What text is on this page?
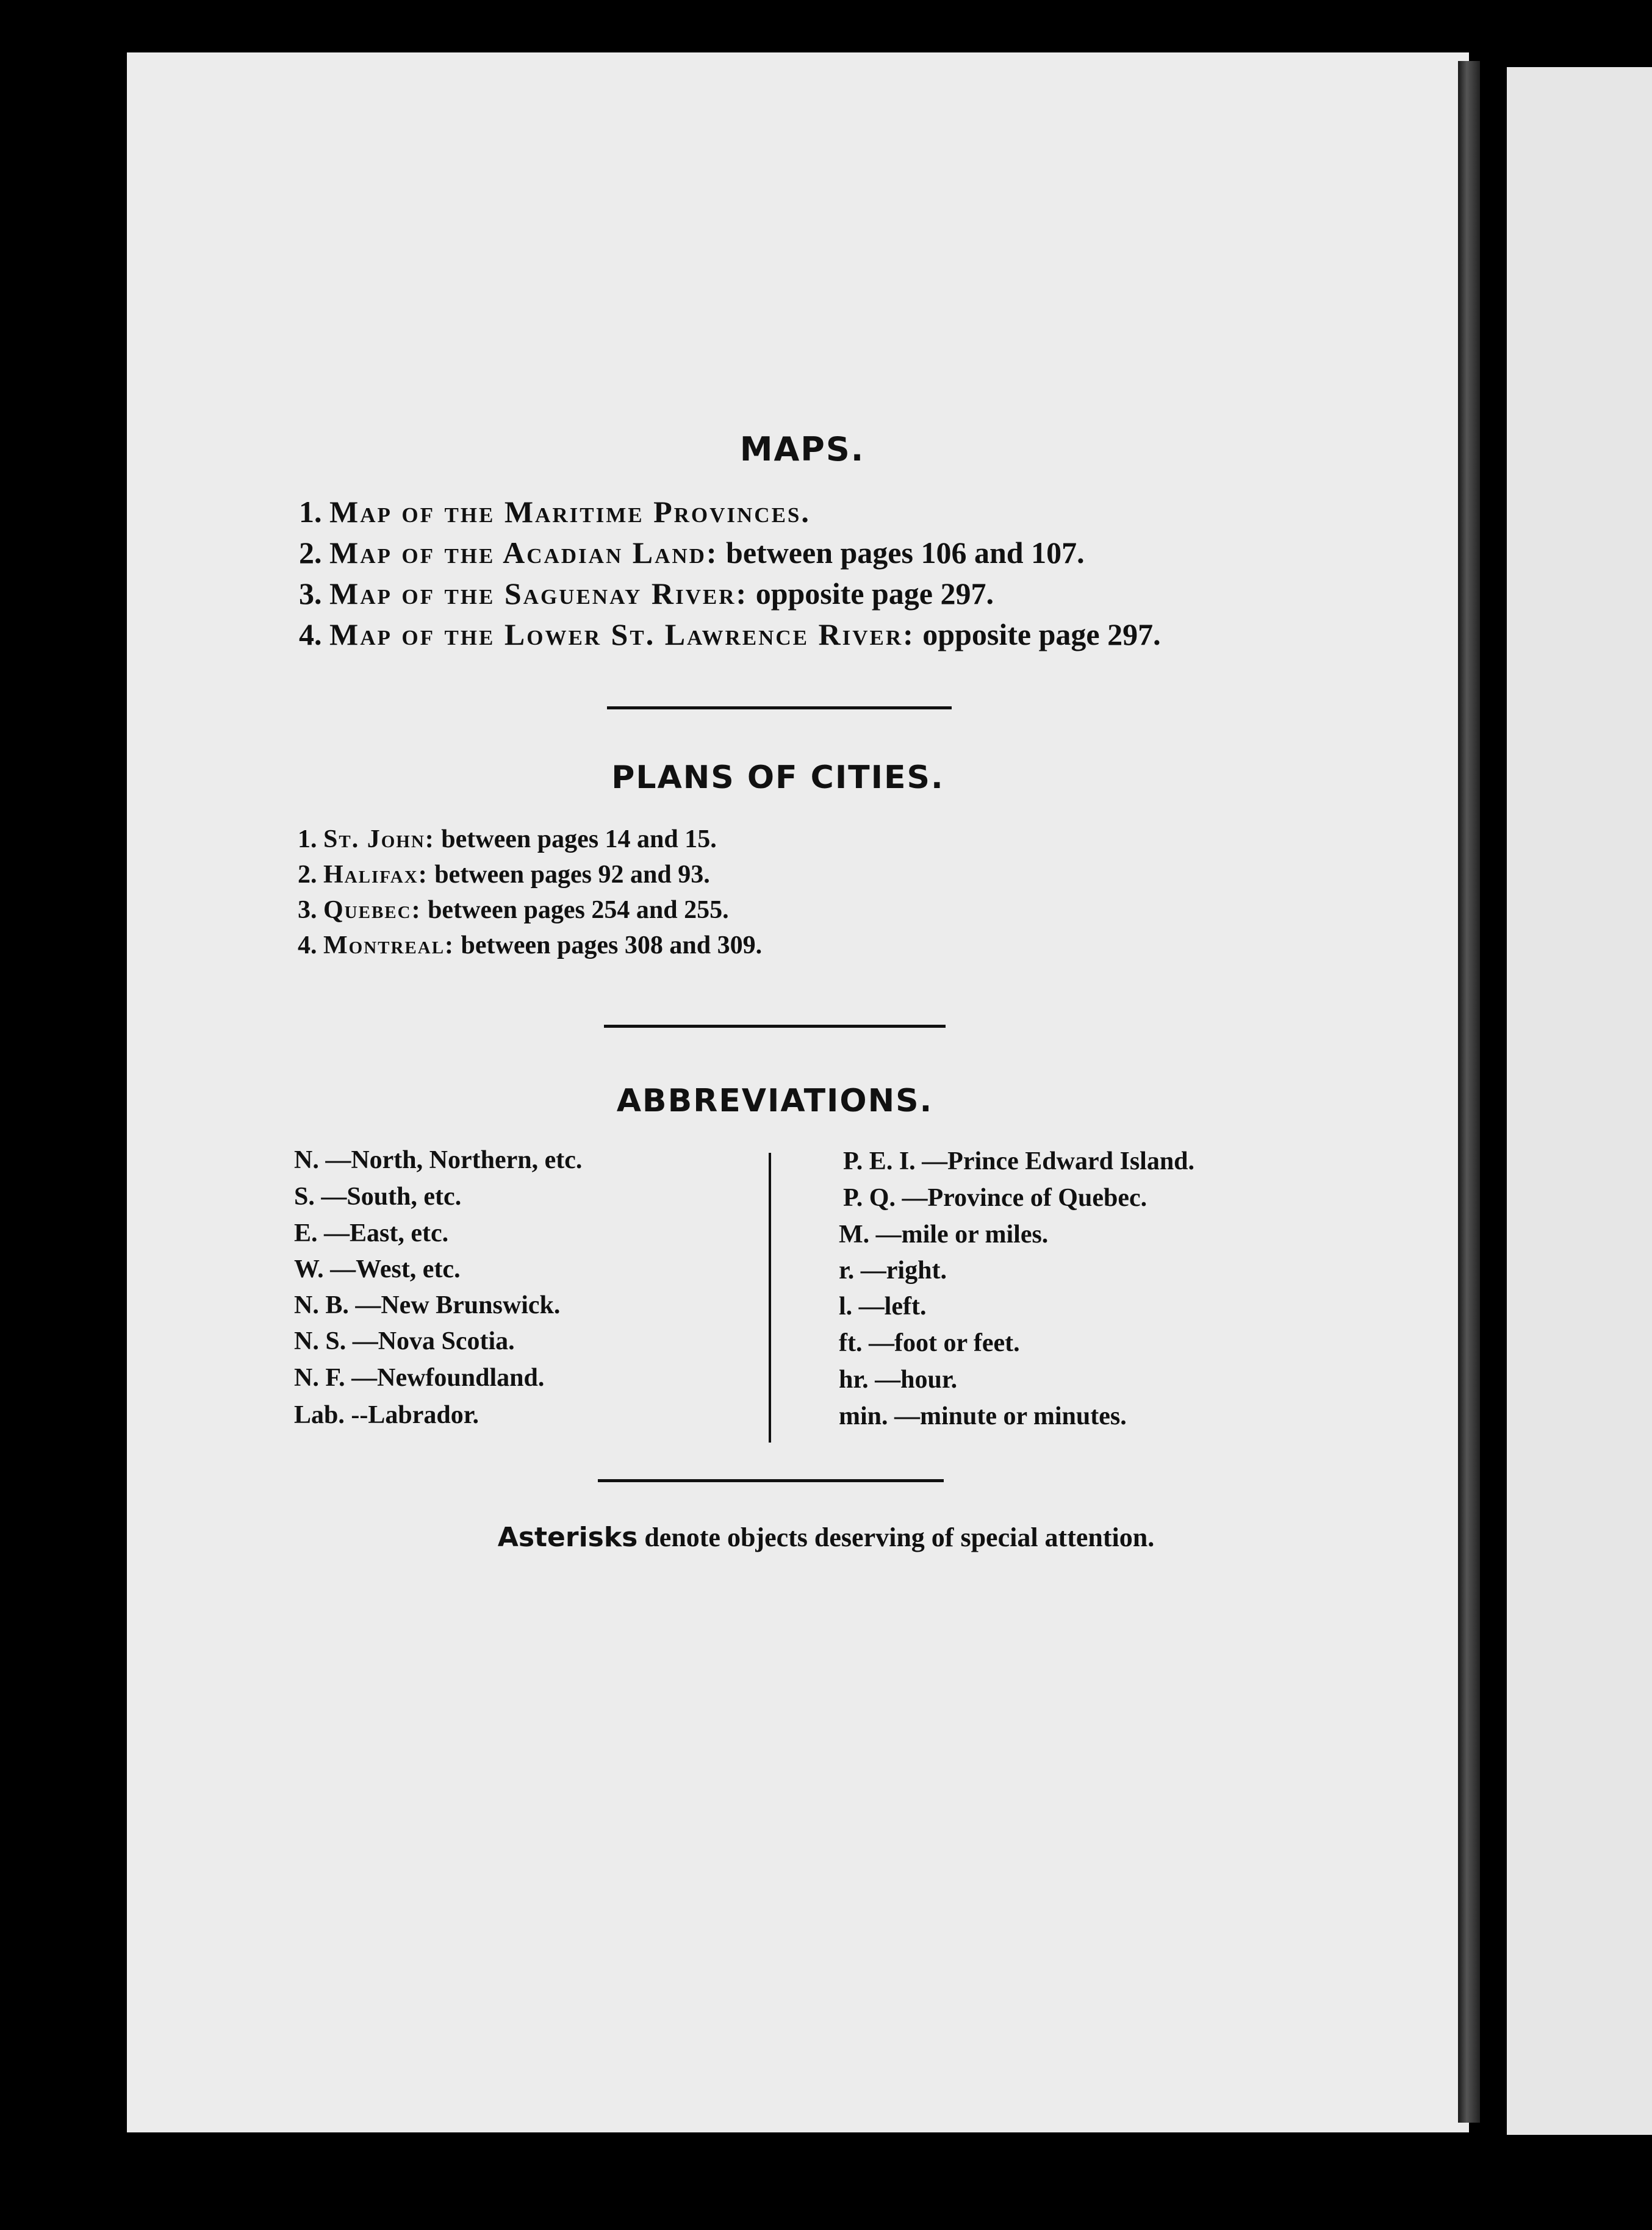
MAPS.
1. Map of the Maritime Provinces.
2. Map of the Acadian Land: between pages 106 and 107.
3. Map of the Saguenay River: opposite page 297.
4. Map of the Lower St. Lawrence River: opposite page 297.
PLANS OF CITIES.
1. St. John: between pages 14 and 15.
2. Halifax: between pages 92 and 93.
3. Quebec: between pages 254 and 255.
4. Montreal: between pages 308 and 309.
ABBREVIATIONS.
N. —North, Northern, etc.
S. —South, etc.
E. —East, etc.
W. —West, etc.
N. B. —New Brunswick.
N. S. —Nova Scotia.
N. F. —Newfoundland.
Lab. --Labrador.
P. E. I. —Prince Edward Island.
P. Q. —Province of Quebec.
M. —mile or miles.
r. —right.
l. —left.
ft. —foot or feet.
hr. —hour.
min. —minute or minutes.
Asterisks denote objects deserving of special attention.
